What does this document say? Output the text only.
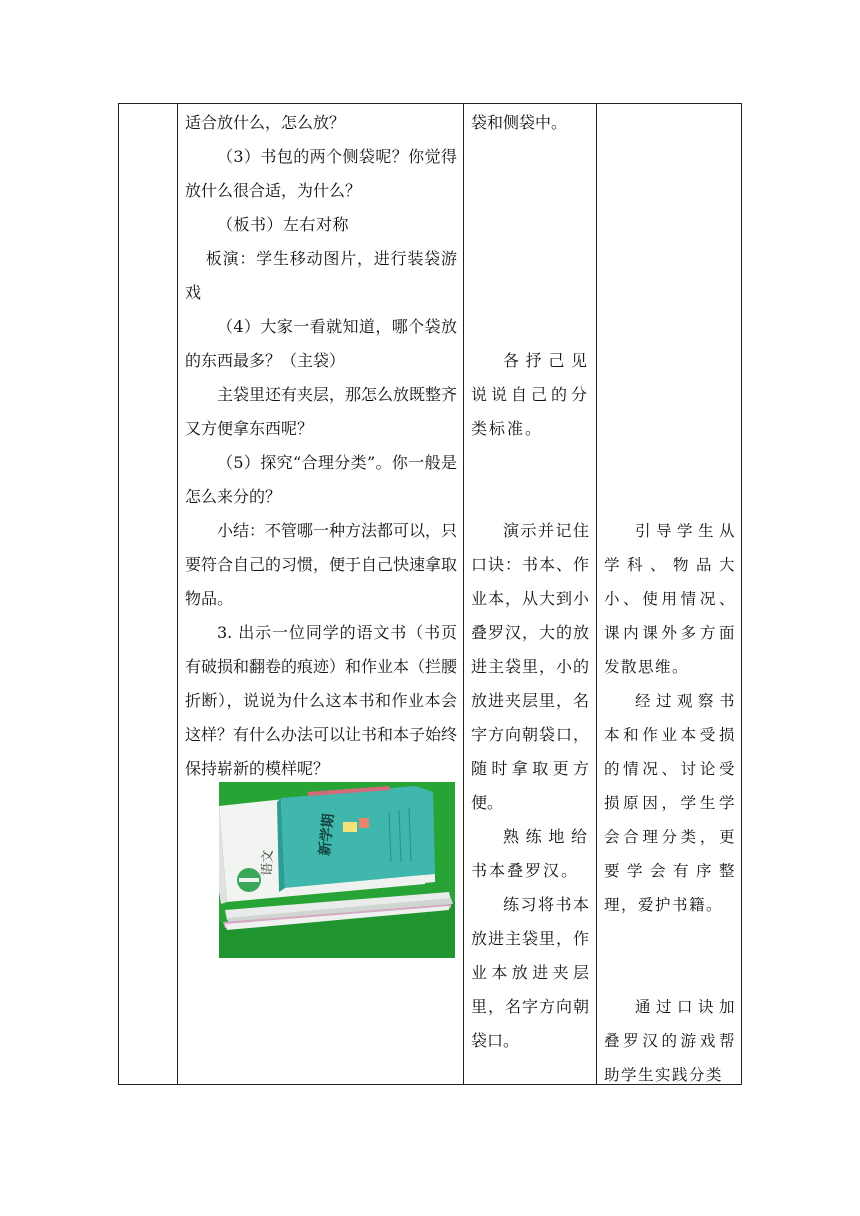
适合放什么，怎么放？

（3）书包的两个侧袋呢？你觉得放什么很合适，为什么？

（板书）左右对称

板演：学生移动图片，进行装袋游戏

（4）大家一看就知道，哪个袋放的东西最多？（主袋）

主袋里还有夹层，那怎么放既整齐又方便拿东西呢？

（5）探究“合理分类”。你一般是怎么来分的？

小结：不管哪一种方法都可以，只要符合自己的习惯，便于自己快速拿取物品。

3. 出示一位同学的语文书（书页有破损和翻卷的痕迹）和作业本（拦腰折断），说说为什么这本书和作业本会这样？有什么办法可以让书和本子始终保持崭新的模样呢？

袋和侧袋中。

各抒己见说说自己的分类标准。

演示并记住口诀：书本、作业本，从大到小叠罗汉，大的放进主袋里，小的放进夹层里，名字方向朝袋口，随时拿取更方便。

熟练地给书本叠罗汉。

练习将书本放进主袋里，作业本放进夹层里，名字方向朝袋口。

引导学生从学科、物品大小、使用情况、课内课外多方面发散思维。

经过观察书本和作业本受损的情况、讨论受损原因，学生学会合理分类，更要学会有序整理，爱护书籍。

通过口诀加叠罗汉的游戏帮助学生实践分类

语文
新学期
